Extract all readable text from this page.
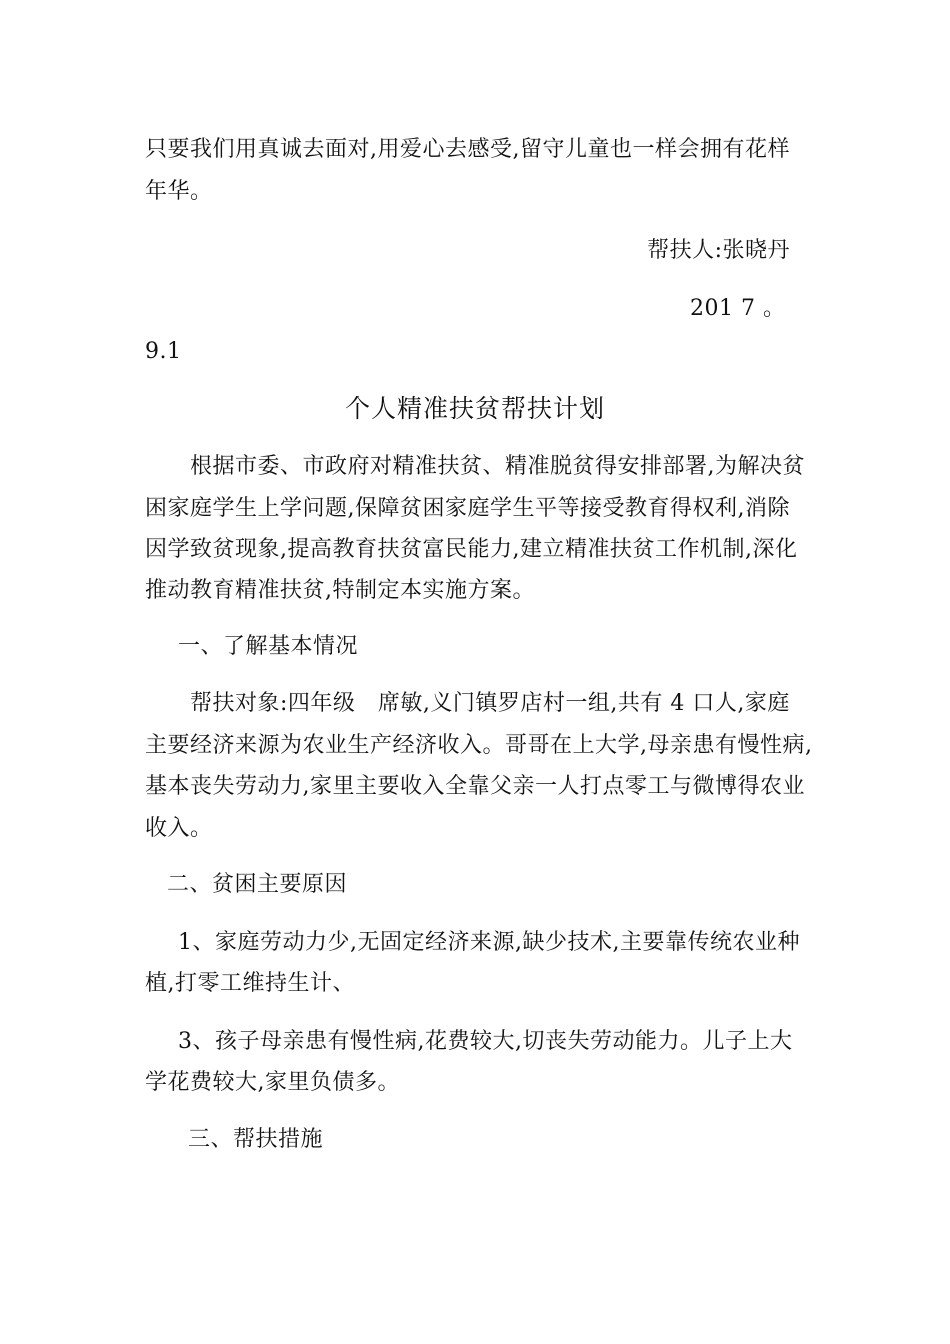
只要我们用真诚去面对,用爱心去感受,留守儿童也一样会拥有花样
年华。
帮扶人:张晓丹
201 7 。
9.1
个人精准扶贫帮扶计划
根据市委、市政府对精准扶贫、精准脱贫得安排部署,为解决贫
困家庭学生上学问题,保障贫困家庭学生平等接受教育得权利,消除
因学致贫现象,提高教育扶贫富民能力,建立精准扶贫工作机制,深化
推动教育精准扶贫,特制定本实施方案。
一、了解基本情况
帮扶对象:四年级　席敏,义门镇罗店村一组,共有 4 口人,家庭
主要经济来源为农业生产经济收入。哥哥在上大学,母亲患有慢性病,
基本丧失劳动力,家里主要收入全靠父亲一人打点零工与微博得农业
收入。
二、贫困主要原因
1、家庭劳动力少,无固定经济来源,缺少技术,主要靠传统农业种
植,打零工维持生计、
3、孩子母亲患有慢性病,花费较大,切丧失劳动能力。儿子上大
学花费较大,家里负债多。
三、帮扶措施
